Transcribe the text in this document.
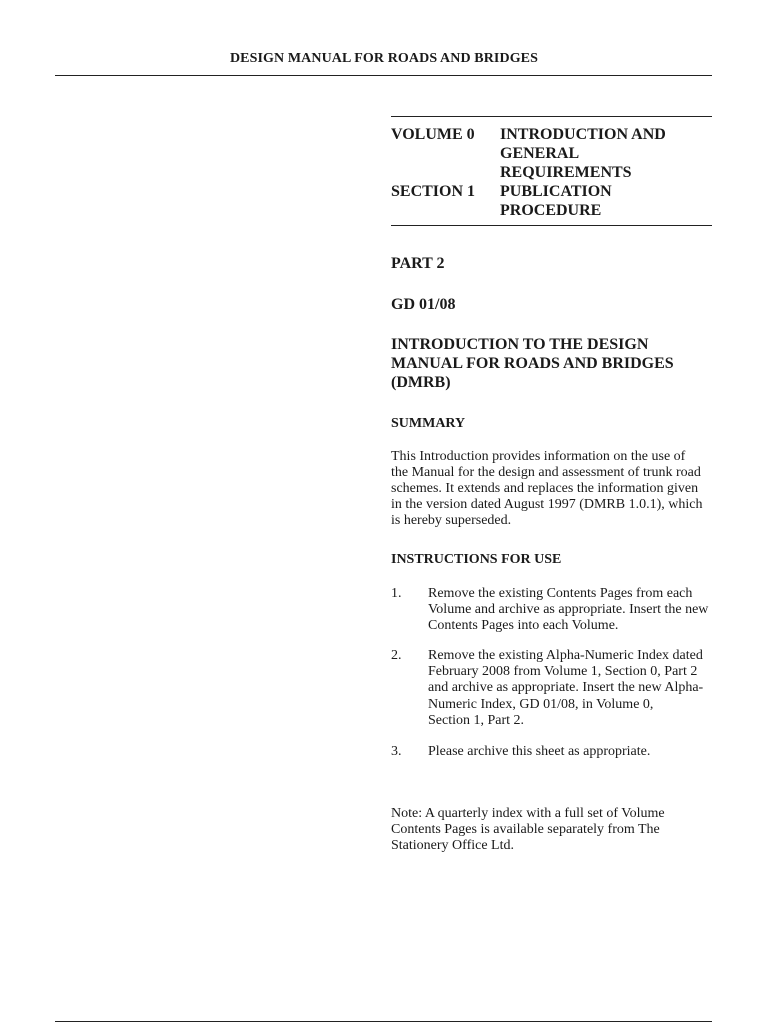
DESIGN MANUAL FOR ROADS AND BRIDGES
VOLUME 0	INTRODUCTION AND
GENERAL
REQUIREMENTS
SECTION 1	PUBLICATION
PROCEDURE
PART 2
GD 01/08
INTRODUCTION TO THE DESIGN
MANUAL FOR ROADS AND BRIDGES
(DMRB)
SUMMARY
This Introduction provides information on the use of
the Manual for the design and assessment of trunk road
schemes. It extends and replaces the information given
in the version dated August 1997 (DMRB 1.0.1), which
is hereby superseded.
INSTRUCTIONS FOR USE
1.	Remove the existing Contents Pages from each
Volume and archive as appropriate. Insert the new
Contents Pages into each Volume.
2.	Remove the existing Alpha-Numeric Index dated
February 2008 from Volume 1, Section 0, Part 2
and archive as appropriate. Insert the new Alpha-
Numeric Index, GD 01/08, in Volume 0,
Section 1, Part 2.
3.	Please archive this sheet as appropriate.
Note: A quarterly index with a full set of Volume
Contents Pages is available separately from The
Stationery Office Ltd.
